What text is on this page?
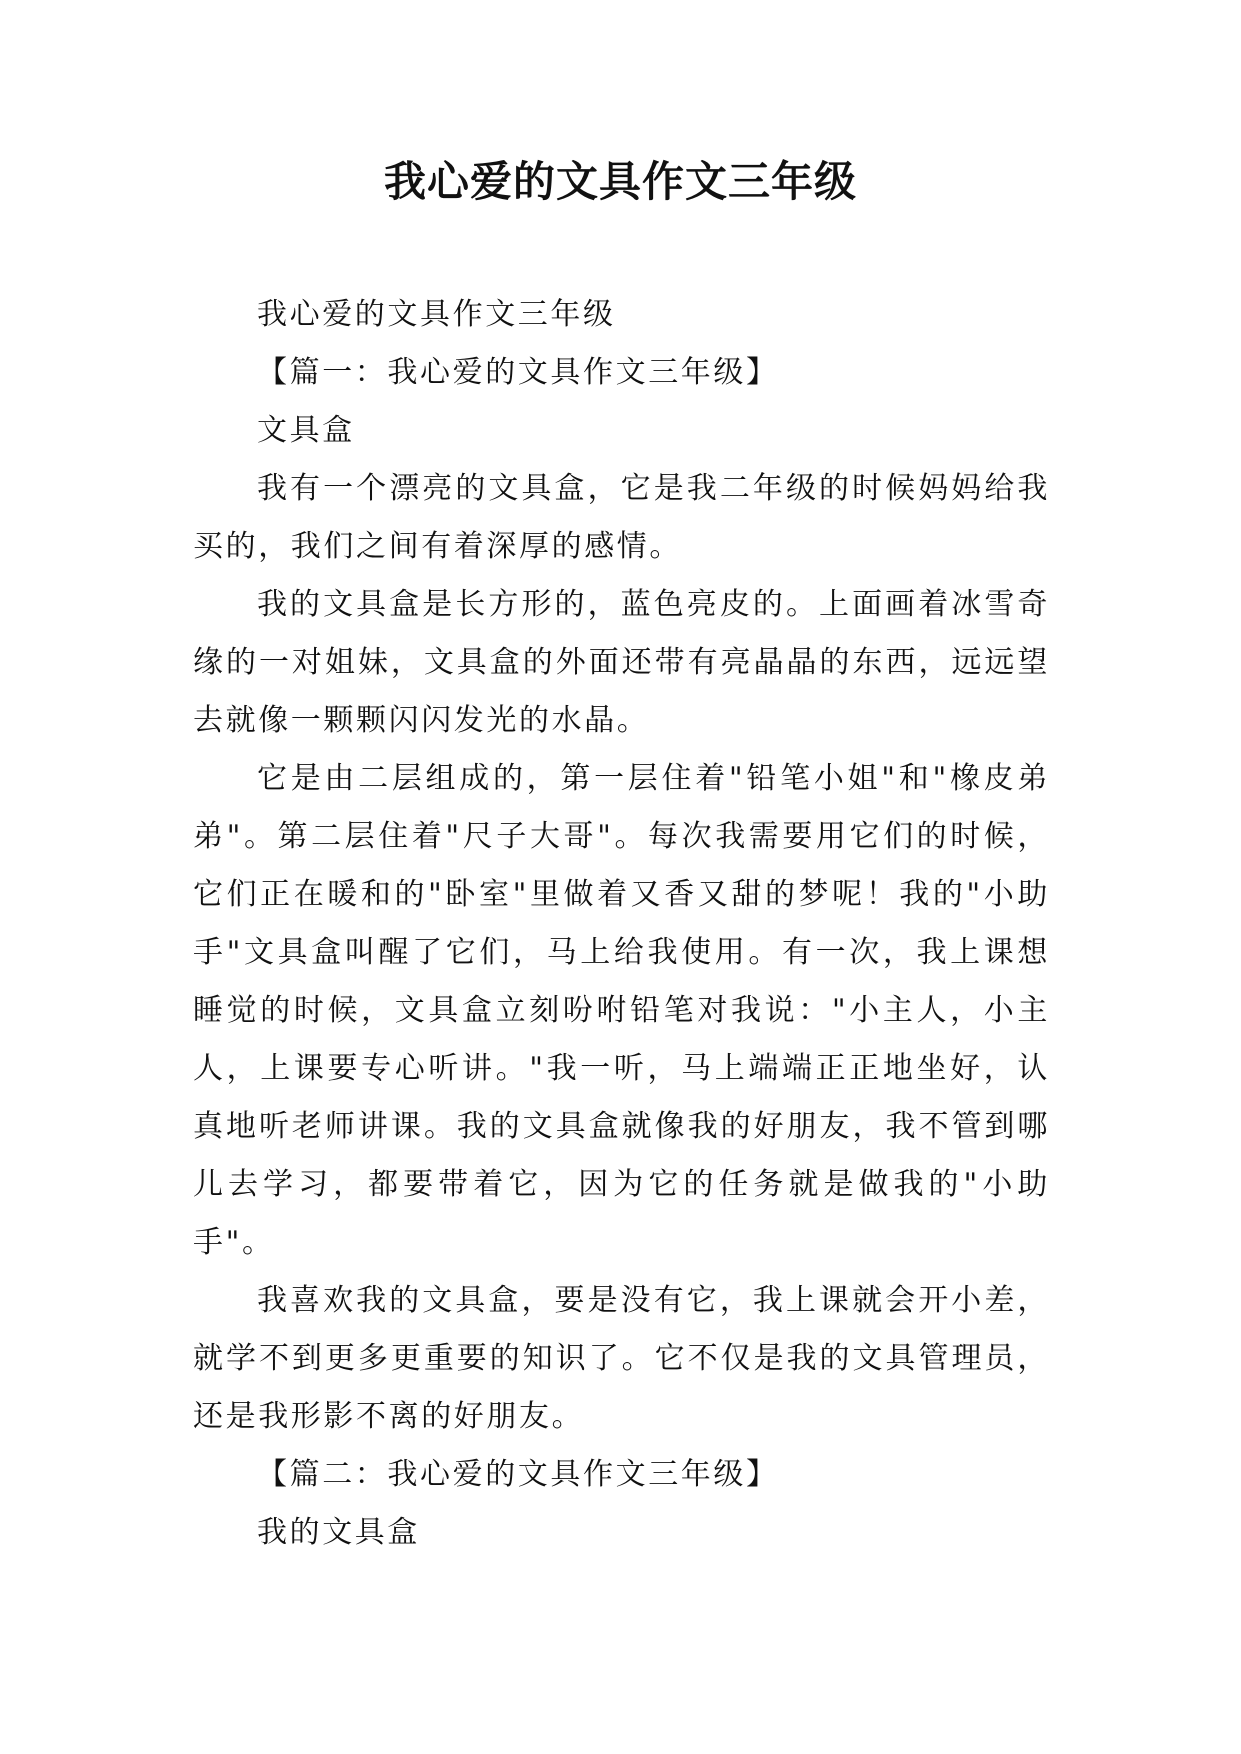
我心爱的文具作文三年级

我心爱的文具作文三年级

【篇一：我心爱的文具作文三年级】

文具盒

我有一个漂亮的文具盒，它是我二年级的时候妈妈给我买的，我们之间有着深厚的感情。

我的文具盒是长方形的，蓝色亮皮的。上面画着冰雪奇缘的一对姐妹，文具盒的外面还带有亮晶晶的东西，远远望去就像一颗颗闪闪发光的水晶。

它是由二层组成的，第一层住着"铅笔小姐"和"橡皮弟弟"。第二层住着"尺子大哥"。每次我需要用它们的时候，它们正在暖和的"卧室"里做着又香又甜的梦呢！我的"小助手"文具盒叫醒了它们，马上给我使用。有一次，我上课想睡觉的时候，文具盒立刻吩咐铅笔对我说："小主人，小主人，上课要专心听讲。"我一听，马上端端正正地坐好，认真地听老师讲课。我的文具盒就像我的好朋友，我不管到哪儿去学习，都要带着它，因为它的任务就是做我的"小助手"。

我喜欢我的文具盒，要是没有它，我上课就会开小差，就学不到更多更重要的知识了。它不仅是我的文具管理员，还是我形影不离的好朋友。

【篇二：我心爱的文具作文三年级】

我的文具盒
